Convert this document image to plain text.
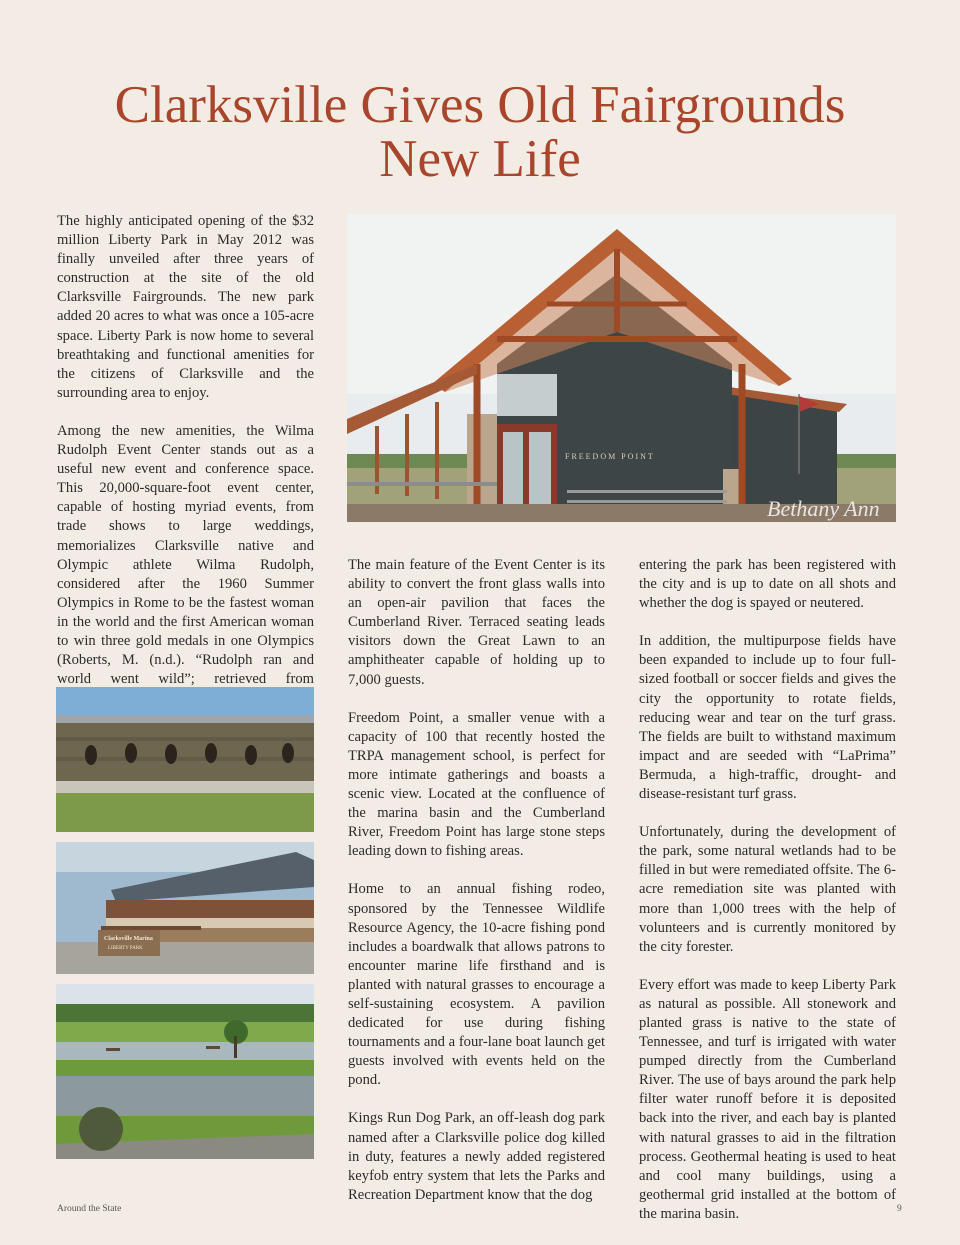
Clarksville Gives Old Fairgrounds
New Life

The highly anticipated opening of the $32 million Liberty Park in May 2012 was finally unveiled after three years of construction at the site of the old Clarksville Fairgrounds. The new park added 20 acres to what was once a 105-acre space. Liberty Park is now home to several breathtaking and functional amenities for the citizens of Clarksville and the surrounding area to enjoy.

Among the new amenities, the Wilma Rudolph Event Center stands out as a useful new event and conference space. This 20,000-square-foot event center, capable of hosting myriad events, from trade shows to large weddings, memorializes Clarksville native and Olympic athlete Wilma Rudolph, considered after the 1960 Summer Olympics in Rome to be the fastest woman in the world and the first American woman to win three gold medals in one Olympics (Roberts, M. (n.d.). “Rudolph ran and world went wild”; retrieved from

The main feature of the Event Center is its ability to convert the front glass walls into an open-air pavilion that faces the Cumberland River. Terraced seating leads visitors down the Great Lawn to an amphitheater capable of holding up to 7,000 guests.

Freedom Point, a smaller venue with a capacity of 100 that recently hosted the TRPA management school, is perfect for more intimate gatherings and boasts a scenic view. Located at the confluence of the marina basin and the Cumberland River, Freedom Point has large stone steps leading down to fishing areas.

Home to an annual fishing rodeo, sponsored by the Tennessee Wildlife Resource Agency, the 10-acre fishing pond includes a boardwalk that allows patrons to encounter marine life firsthand and is planted with natural grasses to encourage a self-sustaining ecosystem. A pavilion dedicated for use during fishing tournaments and a four-lane boat launch get guests involved with events held on the pond.

Kings Run Dog Park, an off-leash dog park named after a Clarksville police dog killed in duty, features a newly added registered keyfob entry system that lets the Parks and Recreation Department know that the dog

entering the park has been registered with the city and is up to date on all shots and whether the dog is spayed or neutered.

In addition, the multipurpose fields have been expanded to include up to four full-sized football or soccer fields and gives the city the opportunity to rotate fields, reducing wear and tear on the turf grass. The fields are built to withstand maximum impact and are seeded with “LaPrima” Bermuda, a high-traffic, drought- and disease-resistant turf grass.

Unfortunately, during the development of the park, some natural wetlands had to be filled in but were remediated offsite. The 6-acre remediation site was planted with more than 1,000 trees with the help of volunteers and is currently monitored by the city forester.

Every effort was made to keep Liberty Park as natural as possible. All stonework and planted grass is native to the state of Tennessee, and turf is irrigated with water pumped directly from the Cumberland River. The use of bays around the park help filter water runoff before it is deposited back into the river, and each bay is planted with natural grasses to aid in the filtration process. Geothermal heating is used to heat and cool many buildings, using a geothermal grid installed at the bottom of the marina basin.

FREEDOM POINT
Bethany Ann
Clarksville Marina
LIBERTY PARK
Around the State	9
